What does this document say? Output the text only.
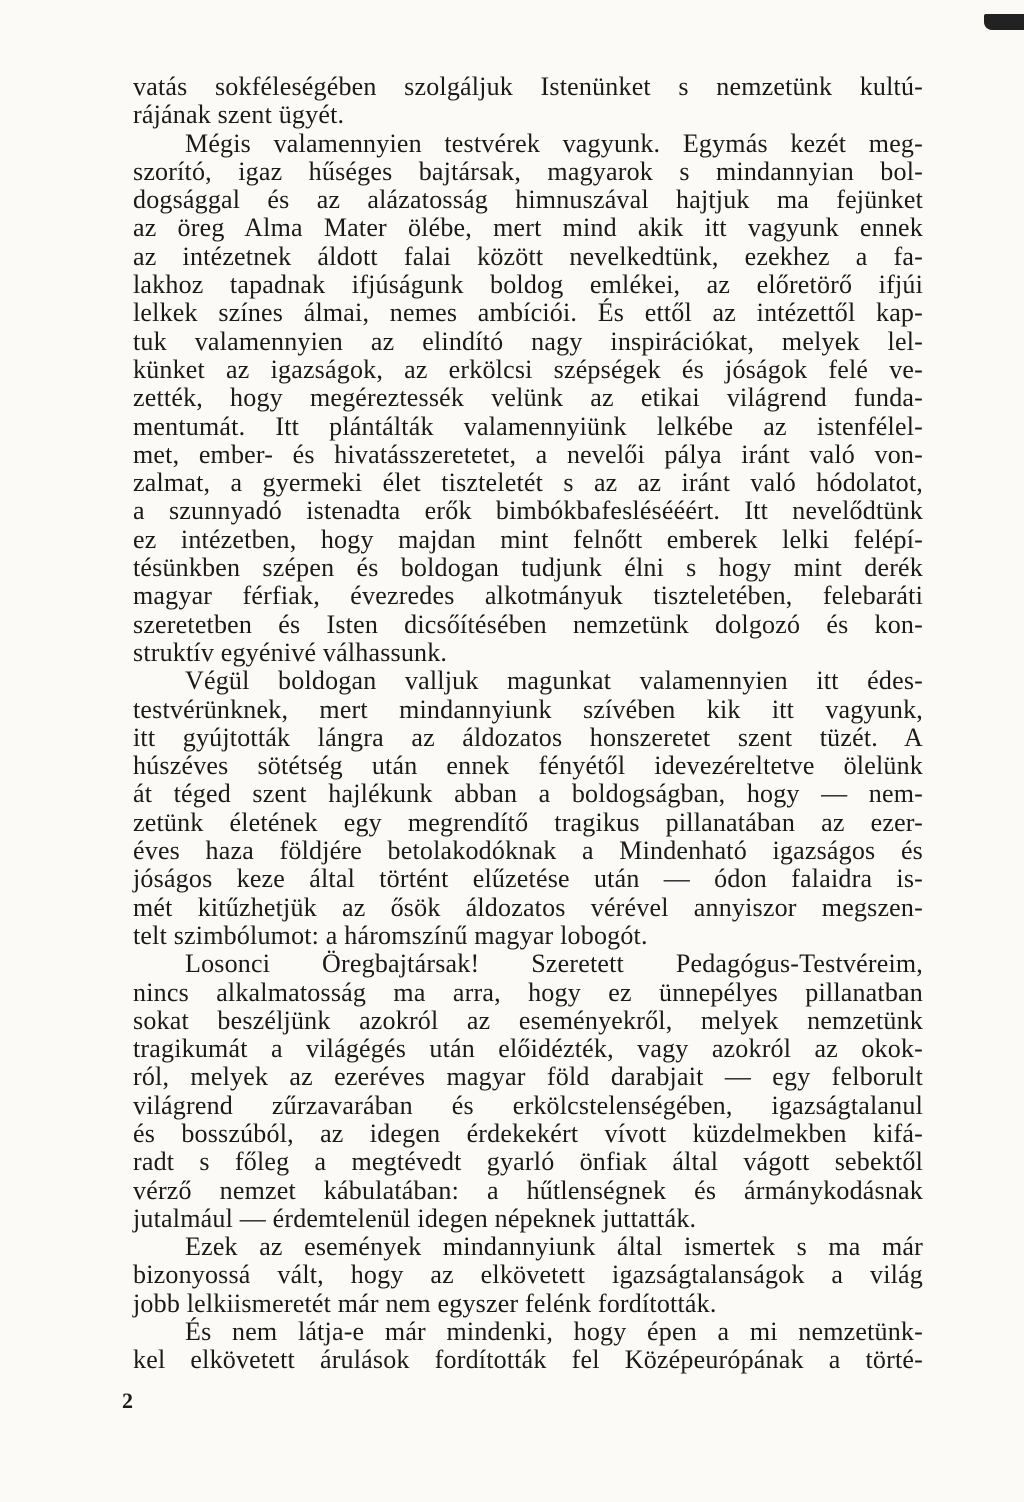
vatás sokféleségében szolgáljuk Istenünket s nemzetünk kultú-
rájának szent ügyét.
Mégis valamennyien testvérek vagyunk. Egymás kezét meg-
szorító, igaz hűséges bajtársak, magyarok s mindannyian bol-
dogsággal és az alázatosság himnuszával hajtjuk ma fejünket
az öreg Alma Mater ölébe, mert mind akik itt vagyunk ennek
az intézetnek áldott falai között nevelkedtünk, ezekhez a fa-
lakhoz tapadnak ifjúságunk boldog emlékei, az előretörő ifjúi
lelkek színes álmai, nemes ambíciói. És ettől az intézettől kap-
tuk valamennyien az elindító nagy inspirációkat, melyek lel-
künket az igazságok, az erkölcsi szépségek és jóságok felé ve-
zették, hogy megéreztessék velünk az etikai világrend funda-
mentumát. Itt plántálták valamennyiünk lelkébe az istenfélel-
met, ember- és hivatásszeretetet, a nevelői pálya iránt való von-
zalmat, a gyermeki élet tiszteletét s az az iránt való hódolatot,
a szunnyadó istenadta erők bimbókbafeslésééért. Itt nevelődtünk
ez intézetben, hogy majdan mint felnőtt emberek lelki felépí-
tésünkben szépen és boldogan tudjunk élni s hogy mint derék
magyar férfiak, évezredes alkotmányuk tiszteletében, felebaráti
szeretetben és Isten dicsőítésében nemzetünk dolgozó és kon-
struktív egyénivé válhassunk.
Végül boldogan valljuk magunkat valamennyien itt édes-
testvérünknek, mert mindannyiunk szívében kik itt vagyunk,
itt gyújtották lángra az áldozatos honszeretet szent tüzét. A
húszéves sötétség után ennek fényétől idevezéreltetve ölelünk
át téged szent hajlékunk abban a boldogságban, hogy — nem-
zetünk életének egy megrendítő tragikus pillanatában az ezer-
éves haza földjére betolakodóknak a Mindenható igazságos és
jóságos keze által történt elűzetése után — ódon falaidra is-
mét kitűzhetjük az ősök áldozatos vérével annyiszor megszen-
telt szimbólumot: a háromszínű magyar lobogót.
Losonci Öregbajtársak! Szeretett Pedagógus-Testvéreim,
nincs alkalmatosság ma arra, hogy ez ünnepélyes pillanatban
sokat beszéljünk azokról az eseményekről, melyek nemzetünk
tragikumát a világégés után előidézték, vagy azokról az okok-
ról, melyek az ezeréves magyar föld darabjait — egy felborult
világrend zűrzavarában és erkölcstelenségében, igazságtalanul
és bosszúból, az idegen érdekekért vívott küzdelmekben kifá-
radt s főleg a megtévedt gyarló önfiak által vágott sebektől
vérző nemzet kábulatában: a hűtlenségnek és ármánykodásnak
jutalmául — érdemtelenül idegen népeknek juttatták.
Ezek az események mindannyiunk által ismertek s ma már
bizonyossá vált, hogy az elkövetett igazságtalanságok a világ
jobb lelkiismeretét már nem egyszer felénk fordították.
És nem látja-e már mindenki, hogy épen a mi nemzetünk-
kel elkövetett árulások fordították fel Középeurópának a törté-
2
